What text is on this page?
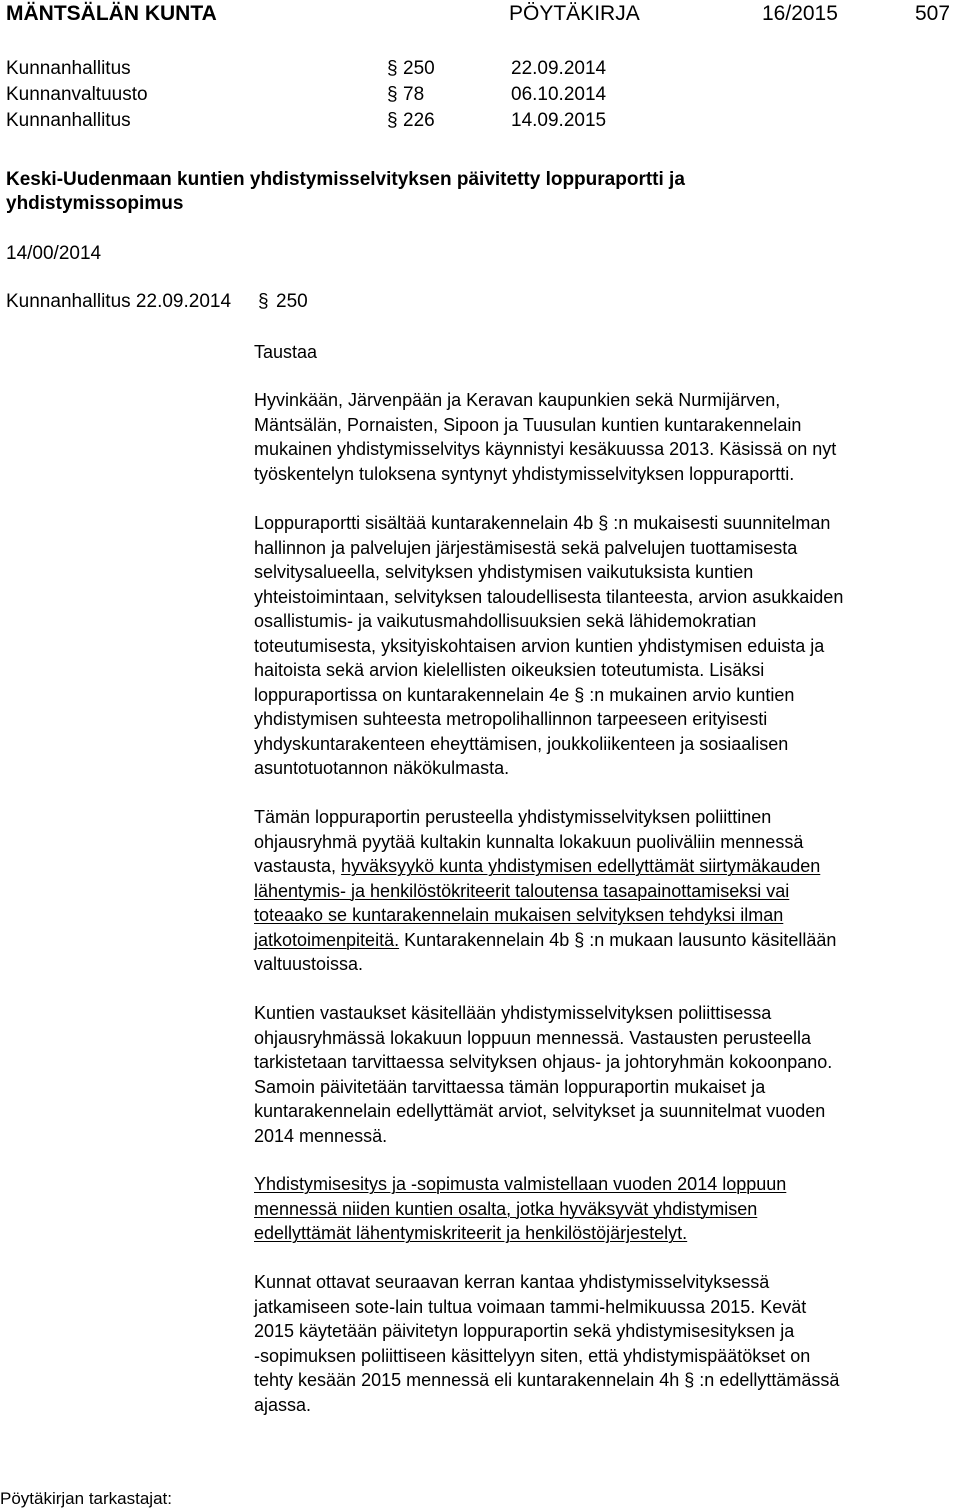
MÄNTSÄLÄN KUNTA	PÖYTÄKIRJA	16/2015	507
Kunnanhallitus	§ 250	22.09.2014
Kunnanvaltuusto	§ 78	06.10.2014
Kunnanhallitus	§ 226	14.09.2015
Keski-Uudenmaan kuntien yhdistymisselvityksen päivitetty loppuraportti ja
yhdistymissopimus
14/00/2014
Kunnanhallitus 22.09.2014 § 250
Taustaa
Hyvinkään, Järvenpään ja Keravan kaupunkien sekä Nurmijärven,
Mäntsälän, Pornaisten, Sipoon ja Tuusulan kuntien kuntarakennelain
mukainen yhdistymisselvitys käynnistyi kesäkuussa 2013. Käsissä on nyt
työskentelyn tuloksena syntynyt yhdistymisselvityksen loppuraportti.
Loppuraportti sisältää kuntarakennelain 4b § :n mukaisesti suunnitelman
hallinnon ja palvelujen järjestämisestä sekä palvelujen tuottamisesta
selvitysalueella, selvityksen yhdistymisen vaikutuksista kuntien
yhteistoimintaan, selvityksen taloudellisesta tilanteesta, arvion asukkaiden
osallistumis- ja vaikutusmahdollisuuksien sekä lähidemokratian
toteutumisesta, yksityiskohtaisen arvion kuntien yhdistymisen eduista ja
haitoista sekä arvion kielellisten oikeuksien toteutumista. Lisäksi
loppuraportissa on kuntarakennelain 4e § :n mukainen arvio kuntien
yhdistymisen suhteesta metropolihallinnon tarpeeseen erityisesti
yhdyskuntarakenteen eheyttämisen, joukkoliikenteen ja sosiaalisen
asuntotuotannon näkökulmasta.
Tämän loppuraportin perusteella yhdistymisselvityksen poliittinen
ohjausryhmä pyytää kultakin kunnalta lokakuun puoliväliin mennessä
vastausta, hyväksyykö kunta yhdistymisen edellyttämät siirtymäkauden
lähentymis- ja henkilöstökriteerit taloutensa tasapainottamiseksi vai
toteaako se kuntarakennelain mukaisen selvityksen tehdyksi ilman
jatkotoimenpiteitä. Kuntarakennelain 4b § :n mukaan lausunto käsitellään
valtuustoissa.
Kuntien vastaukset käsitellään yhdistymisselvityksen poliittisessa
ohjausryhmässä lokakuun loppuun mennessä. Vastausten perusteella
tarkistetaan tarvittaessa selvityksen ohjaus- ja johtoryhmän kokoonpano.
Samoin päivitetään tarvittaessa tämän loppuraportin mukaiset ja
kuntarakennelain edellyttämät arviot, selvitykset ja suunnitelmat vuoden
2014 mennessä.
Yhdistymisesitys ja -sopimusta valmistellaan vuoden 2014 loppuun
mennessä niiden kuntien osalta, jotka hyväksyvät yhdistymisen
edellyttämät lähentymiskriteerit ja henkilöstöjärjestelyt.
Kunnat ottavat seuraavan kerran kantaa yhdistymisselvityksessä
jatkamiseen sote-lain tultua voimaan tammi-helmikuussa 2015. Kevät
2015 käytetään päivitetyn loppuraportin sekä yhdistymisesityksen ja
-sopimuksen poliittiseen käsittelyyn siten, että yhdistymispäätökset on
tehty kesään 2015 mennessä eli kuntarakennelain 4h § :n edellyttämässä
ajassa.
Pöytäkirjan tarkastajat:
